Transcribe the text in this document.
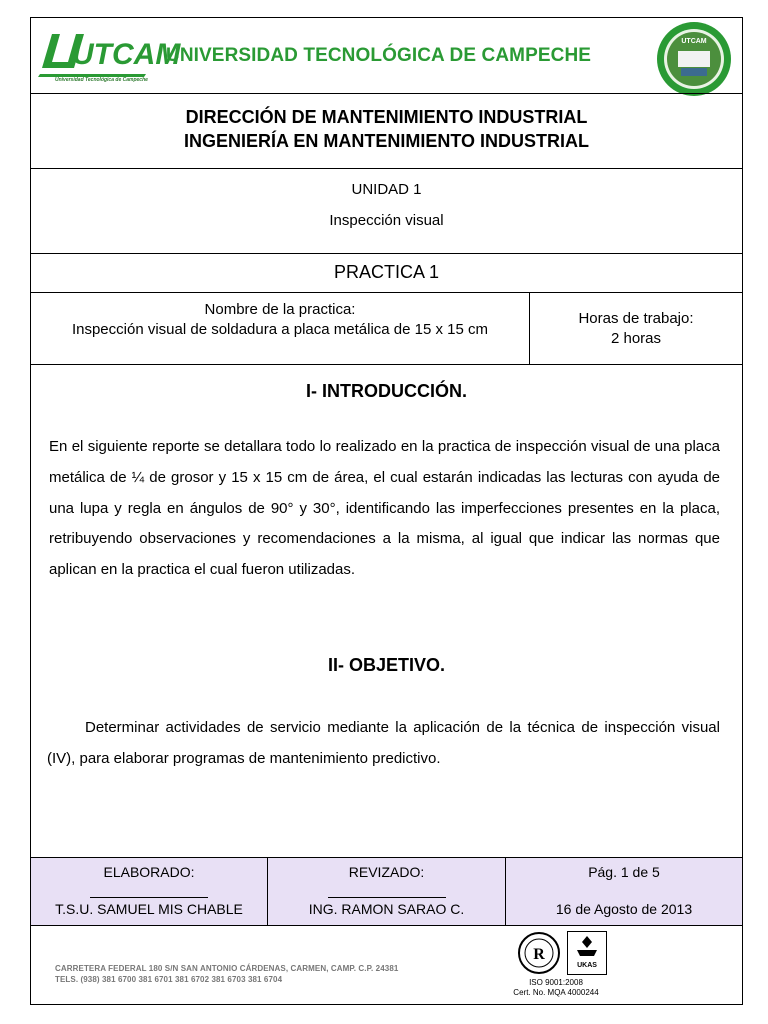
UTCAM
Universidad Tecnológica de Campeche
UNIVERSIDAD TECNOLÓGICA DE CAMPECHE
UTCAM
DIRECCIÓN DE MANTENIMIENTO INDUSTRIAL
INGENIERÍA EN MANTENIMIENTO INDUSTRIAL
UNIDAD 1
Inspección visual
PRACTICA 1
Nombre de la practica:
Inspección visual de soldadura a placa metálica de 15 x 15 cm
Horas de trabajo:
2 horas
I- INTRODUCCIÓN.
En el siguiente reporte se detallara todo lo realizado en la practica de inspección visual de una placa metálica de ¼ de grosor y 15 x 15 cm de área, el cual estarán indicadas las lecturas con ayuda de una lupa y regla en ángulos de 90° y 30°, identificando las imperfecciones presentes en la placa, retribuyendo observaciones y recomendaciones a la misma, al igual que indicar las normas que aplican en la practica el cual fueron utilizadas.
II- OBJETIVO.
Determinar actividades de servicio mediante la aplicación de la técnica de inspección visual (IV), para elaborar programas de mantenimiento predictivo.
ELABORADO:
T.S.U. SAMUEL MIS CHABLE
REVIZADO:
ING. RAMON SARAO C.
Pág. 1 de 5
16 de Agosto de 2013
CARRETERA FEDERAL 180 S/N SAN ANTONIO CÁRDENAS, CARMEN, CAMP. C.P. 24381
TELS. (938) 381 6700 381 6701 381 6702 381 6703 381 6704
R
UKAS
ISO 9001:2008
Cert. No. MQA 4000244
